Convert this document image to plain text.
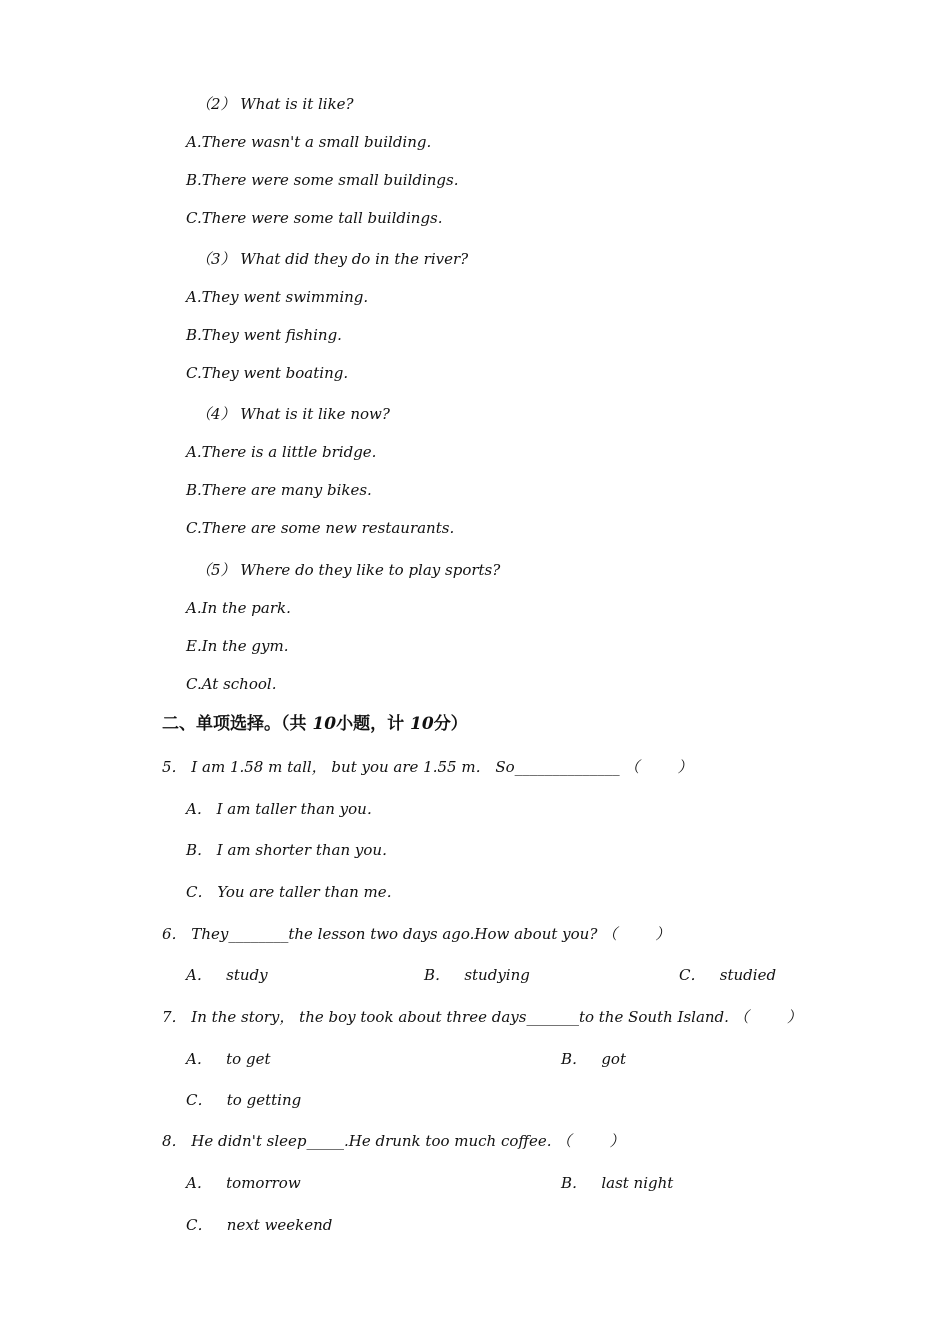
（2） What is it like?
A.There wasn't a small building.
B.There were some small buildings.
C.There were some tall buildings.
（3） What did they do in the river?
A.They went swimming.
B.They went fishing.
C.They went boating.
（4） What is it like now?
A.There is a little bridge.
B.There are many bikes.
C.There are some new restaurants.
（5） Where do they like to play sports?
A.In the park.
E.In the gym.
C.At school.
二、单项选择。（共 10小题，计 10分）
5． I am 1.58 m tall， but you are 1.55 m． So______________ （        ）
A． I am taller than you．
B． I am shorter than you．
C． You are taller than me．
6． They________the lesson two days ago.How about you? （        ）
A．   study	B．   studying	C．   studied
7． In the story， the boy took about three days_______to the South Island. （        ）
A．   to get	B．   got
C．   to getting
8． He didn't sleep_____.He drunk too much coffee. （        ）
A．   tomorrow	B．   last night
C．   next weekend
